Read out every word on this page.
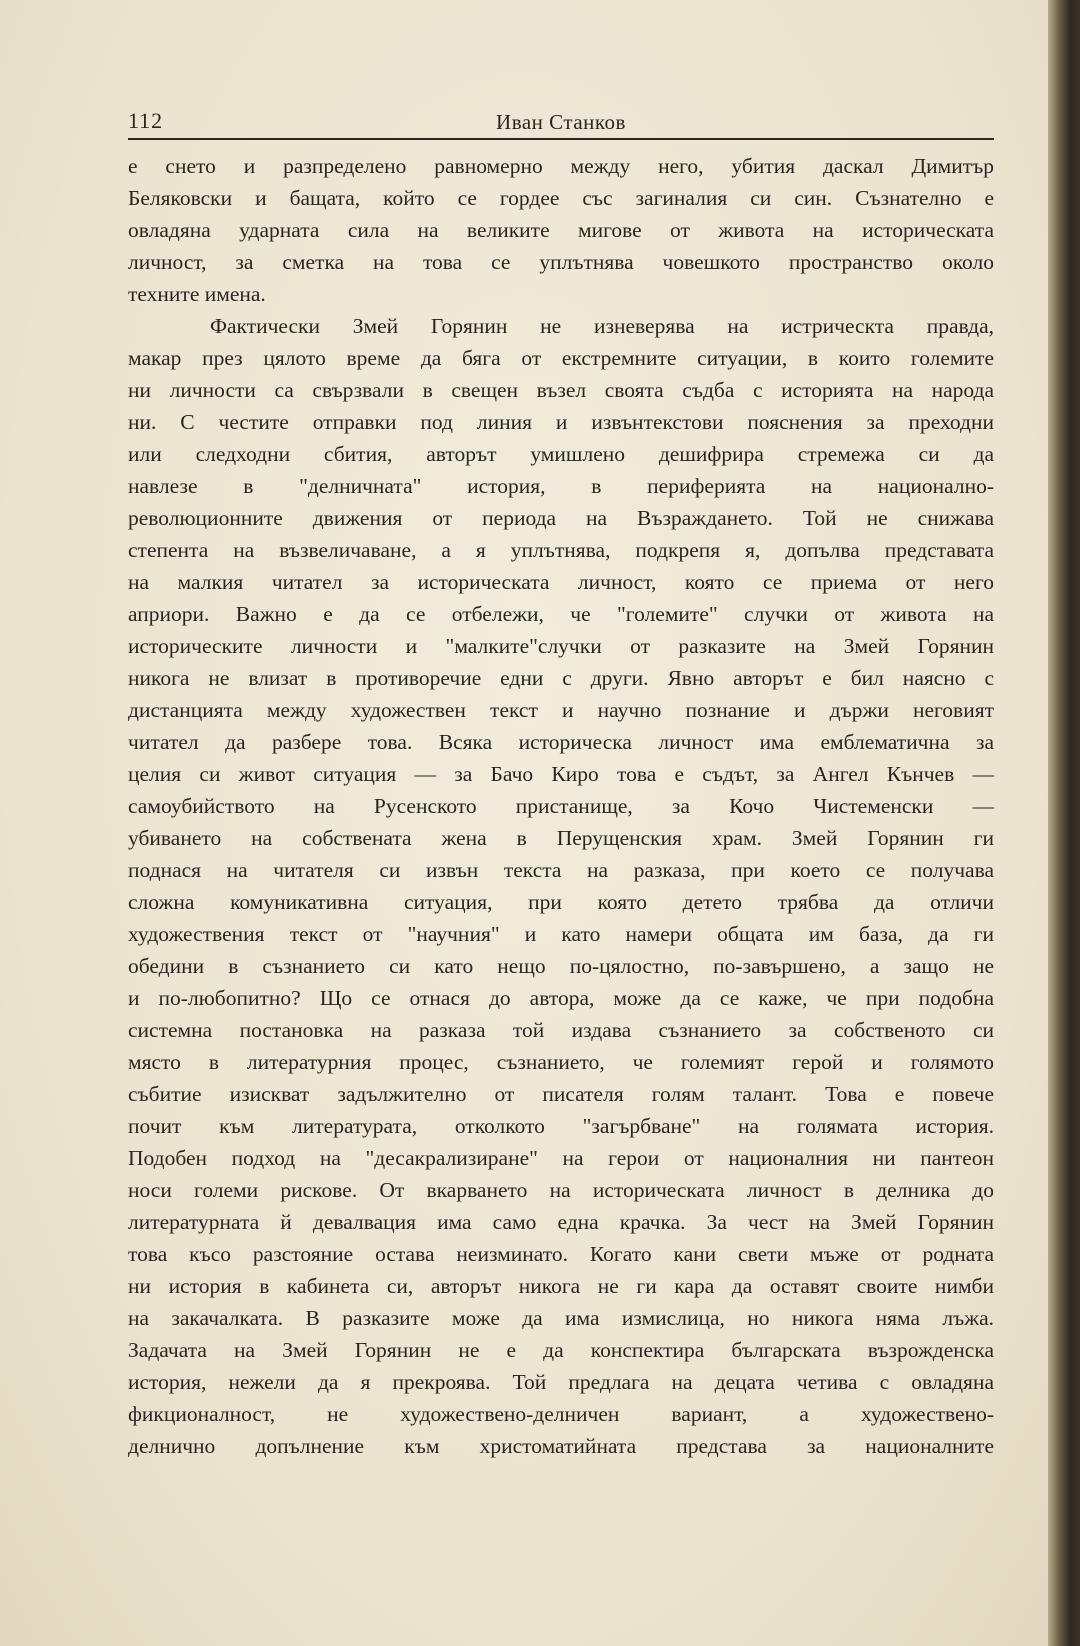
112	Иван Станков
е снето и разпределено равномерно между него, убития даскал Димитър
Беляковски и бащата, който се гордее със загиналия си син. Съзнателно е
овладяна ударната сила на великите мигове от живота на историческата
личност, за сметка на това се уплътнява човешкото пространство около
техните имена.
Фактически Змей Горянин не изневерява на истрическта правда,
макар през цялото време да бяга от екстремните ситуации, в които големите
ни личности са свързвали в свещен възел своята съдба с историята на народа
ни. С честите отправки под линия и извънтекстови пояснения за преходни
или следходни сбития, авторът умишлено дешифрира стремежа си да
навлезе в "делничната" история, в периферията на национално-
революционните движения от периода на Възраждането. Той не снижава
степента на възвеличаване, а я уплътнява, подкрепя я, допълва представата
на малкия читател за историческата личност, която се приема от него
априори. Важно е да се отбележи, че "големите" случки от живота на
историческите личности и "малките"случки от разказите на Змей Горянин
никога не влизат в противоречие едни с други. Явно авторът е бил наясно с
дистанцията между художествен текст и научно познание и държи неговият
читател да разбере това. Всяка историческа личност има емблематична за
целия си живот ситуация — за Бачо Киро това е съдът, за Ангел Кънчев —
самоубийството на Русенското пристанище, за Кочо Чистеменски —
убиването на собствената жена в Перущенския храм. Змей Горянин ги
поднася на читателя си извън текста на разказа, при което се получава
сложна комуникативна ситуация, при която детето трябва да отличи
художествения текст от "научния" и като намери общата им база, да ги
обедини в съзнанието си като нещо по-цялостно, по-завършено, а защо не
и по-любопитно? Що се отнася до автора, може да се каже, че при подобна
системна постановка на разказа той издава съзнанието за собственото си
място в литературния процес, съзнанието, че големият герой и голямото
събитие изискват задължително от писателя голям талант. Това е повече
почит към литературата, отколкото "загърбване" на голямата история.
Подобен подход на "десакрализиране" на герои от националния ни пантеон
носи големи рискове. От вкарването на историческата личност в делника до
литературната й девалвация има само една крачка. За чест на Змей Горянин
това късо разстояние остава неизминато. Когато кани свети мъже от родната
ни история в кабинета си, авторът никога не ги кара да оставят своите нимби
на закачалката. В разказите може да има измислица, но никога няма лъжа.
Задачата на Змей Горянин не е да конспектира българската възрожденска
история, нежели да я прекроява. Той предлага на децата четива с овладяна
фикционалност, не художествено-делничен вариант, а художествено-
делнично допълнение към христоматийната представа за националните
